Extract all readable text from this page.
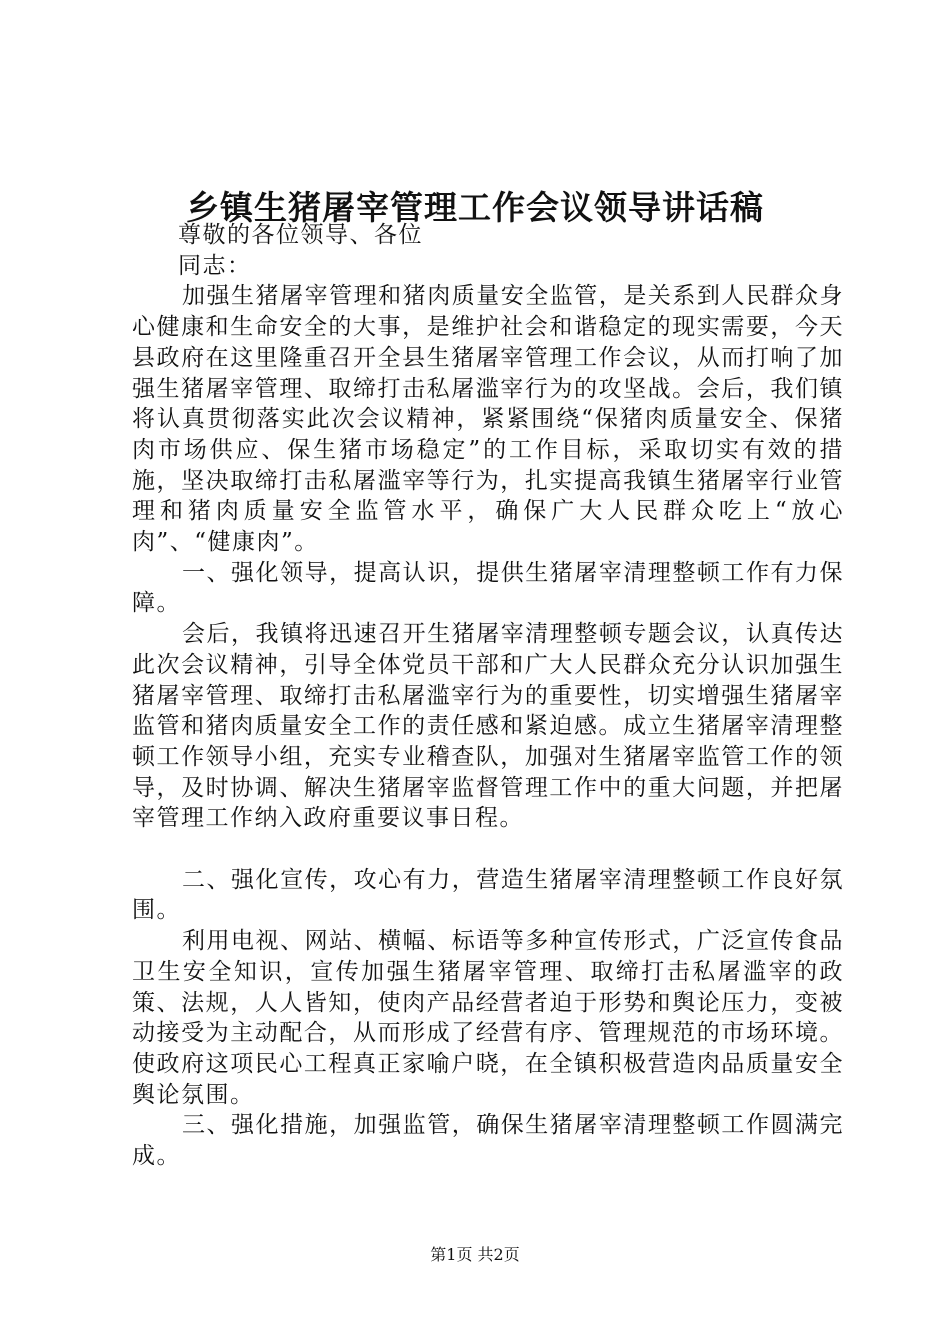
乡镇生猪屠宰管理工作会议领导讲话稿

尊敬的各位领导、各位

同志：

加强生猪屠宰管理和猪肉质量安全监管，是关系到人民群众身心健康和生命安全的大事，是维护社会和谐稳定的现实需要，今天县政府在这里隆重召开全县生猪屠宰管理工作会议，从而打响了加强生猪屠宰管理、取缔打击私屠滥宰行为的攻坚战。会后，我们镇将认真贯彻落实此次会议精神，紧紧围绕“保猪肉质量安全、保猪肉市场供应、保生猪市场稳定”的工作目标，采取切实有效的措施，坚决取缔打击私屠滥宰等行为，扎实提高我镇生猪屠宰行业管理和猪肉质量安全监管水平，确保广大人民群众吃上“放心肉”、“健康肉”。

一、强化领导，提高认识，提供生猪屠宰清理整顿工作有力保障。

会后，我镇将迅速召开生猪屠宰清理整顿专题会议，认真传达此次会议精神，引导全体党员干部和广大人民群众充分认识加强生猪屠宰管理、取缔打击私屠滥宰行为的重要性，切实增强生猪屠宰监管和猪肉质量安全工作的责任感和紧迫感。成立生猪屠宰清理整顿工作领导小组，充实专业稽查队，加强对生猪屠宰监管工作的领导，及时协调、解决生猪屠宰监督管理工作中的重大问题，并把屠宰管理工作纳入政府重要议事日程。

二、强化宣传，攻心有力，营造生猪屠宰清理整顿工作良好氛围。

利用电视、网站、横幅、标语等多种宣传形式，广泛宣传食品卫生安全知识，宣传加强生猪屠宰管理、取缔打击私屠滥宰的政策、法规，人人皆知，使肉产品经营者迫于形势和舆论压力，变被动接受为主动配合，从而形成了经营有序、管理规范的市场环境。使政府这项民心工程真正家喻户晓，在全镇积极营造肉品质量安全舆论氛围。

三、强化措施，加强监管，确保生猪屠宰清理整顿工作圆满完成。

第1页 共2页
